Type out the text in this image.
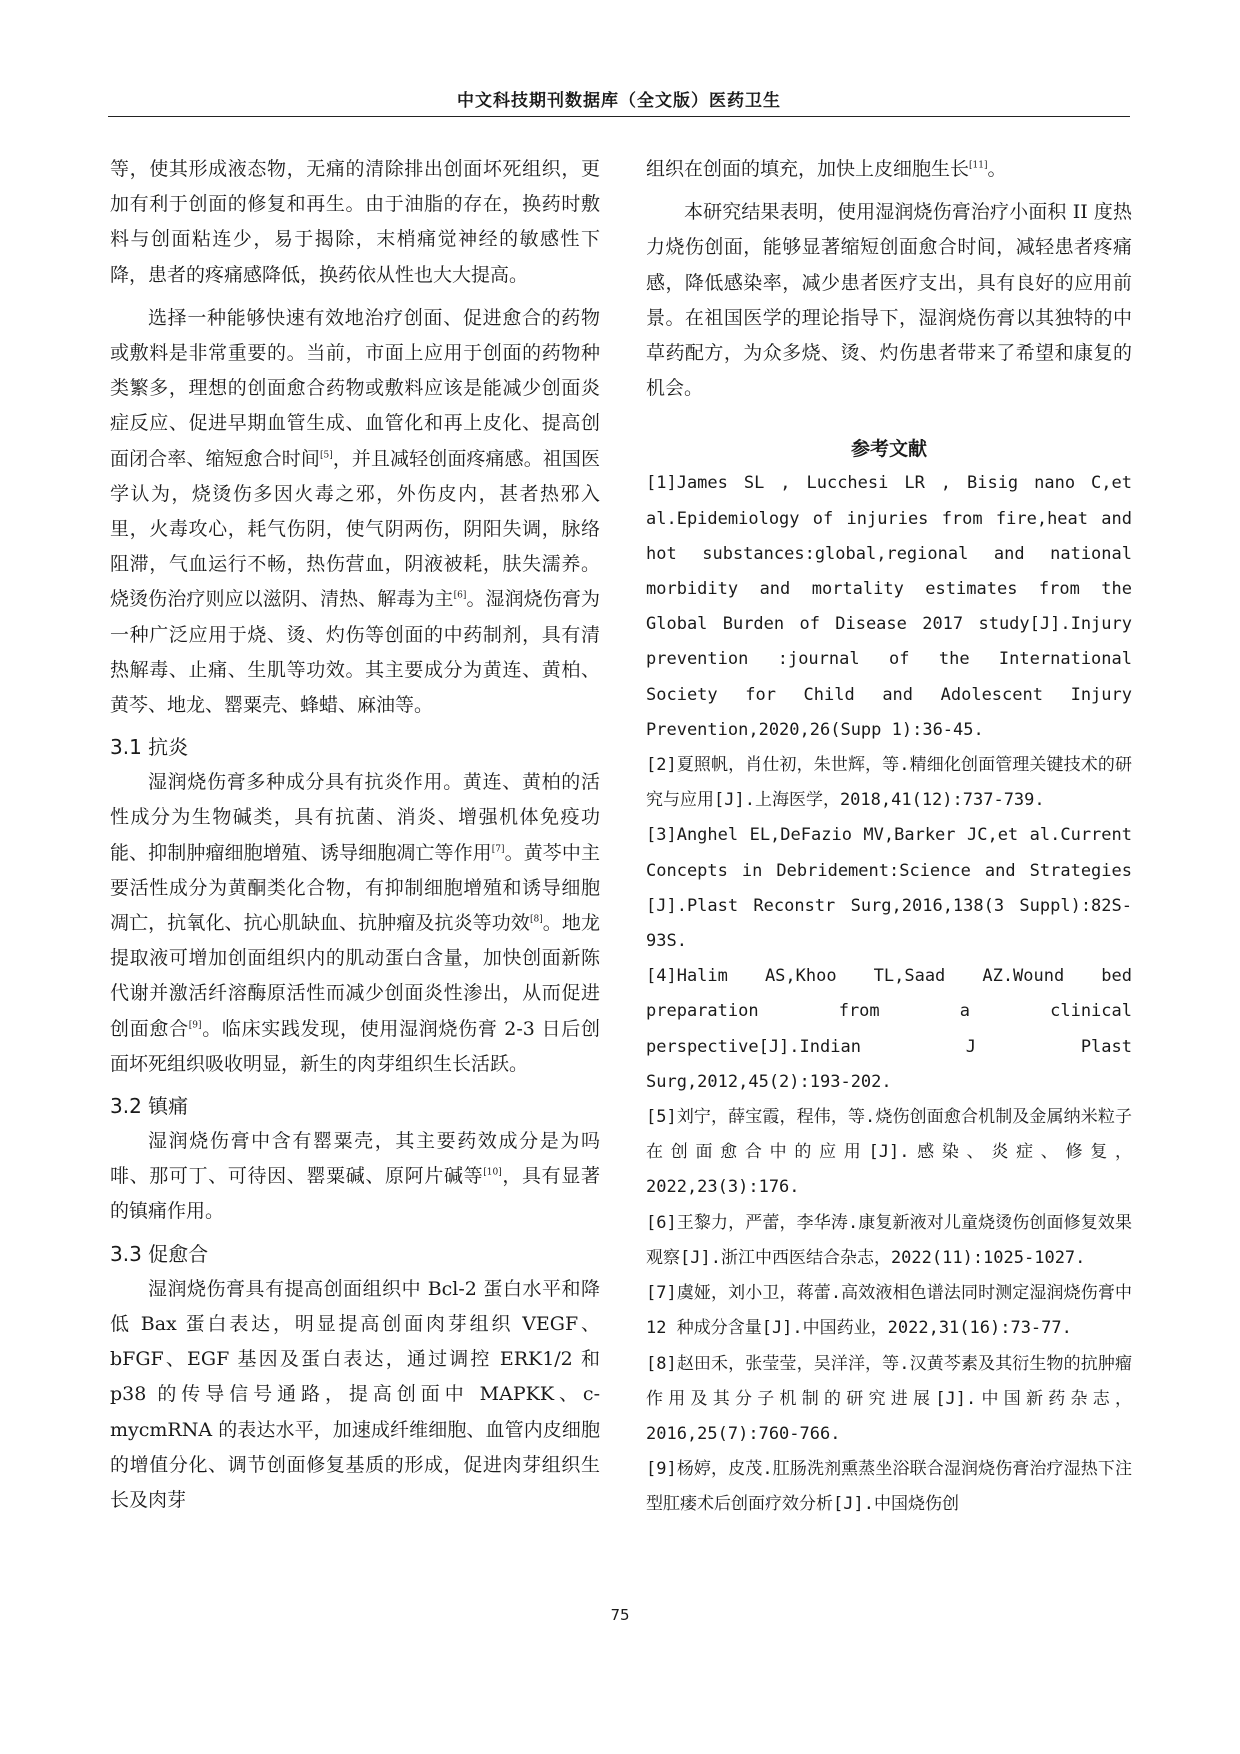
中文科技期刊数据库（全文版）医药卫生

等，使其形成液态物，无痛的清除排出创面坏死组织，更加有利于创面的修复和再生。由于油脂的存在，换药时敷料与创面粘连少，易于揭除，末梢痛觉神经的敏感性下降，患者的疼痛感降低，换药依从性也大大提高。

选择一种能够快速有效地治疗创面、促进愈合的药物或敷料是非常重要的。当前，市面上应用于创面的药物种类繁多，理想的创面愈合药物或敷料应该是能减少创面炎症反应、促进早期血管生成、血管化和再上皮化、提高创面闭合率、缩短愈合时间[5]，并且减轻创面疼痛感。祖国医学认为，烧烫伤多因火毒之邪，外伤皮内，甚者热邪入里，火毒攻心，耗气伤阴，使气阴两伤，阴阳失调，脉络阻滞，气血运行不畅，热伤营血，阴液被耗，肤失濡养。烧烫伤治疗则应以滋阴、清热、解毒为主[6]。湿润烧伤膏为一种广泛应用于烧、烫、灼伤等创面的中药制剂，具有清热解毒、止痛、生肌等功效。其主要成分为黄连、黄柏、黄芩、地龙、罂粟壳、蜂蜡、麻油等。

3.1 抗炎

湿润烧伤膏多种成分具有抗炎作用。黄连、黄柏的活性成分为生物碱类，具有抗菌、消炎、增强机体免疫功能、抑制肿瘤细胞增殖、诱导细胞凋亡等作用[7]。黄芩中主要活性成分为黄酮类化合物，有抑制细胞增殖和诱导细胞凋亡，抗氧化、抗心肌缺血、抗肿瘤及抗炎等功效[8]。地龙提取液可增加创面组织内的肌动蛋白含量，加快创面新陈代谢并激活纤溶酶原活性而减少创面炎性渗出，从而促进创面愈合[9]。临床实践发现，使用湿润烧伤膏 2-3 日后创面坏死组织吸收明显，新生的肉芽组织生长活跃。

3.2 镇痛

湿润烧伤膏中含有罂粟壳，其主要药效成分是为吗啡、那可丁、可待因、罂粟碱、原阿片碱等[10]，具有显著的镇痛作用。

3.3 促愈合

湿润烧伤膏具有提高创面组织中 Bcl-2 蛋白水平和降低 Bax 蛋白表达，明显提高创面肉芽组织 VEGF、bFGF、EGF 基因及蛋白表达，通过调控 ERK1/2 和 p38 的传导信号通路，提高创面中 MAPKK、c-mycmRNA 的表达水平，加速成纤维细胞、血管内皮细胞的增值分化、调节创面修复基质的形成，促进肉芽组织生长及肉芽

组织在创面的填充，加快上皮细胞生长[11]。

本研究结果表明，使用湿润烧伤膏治疗小面积 II 度热力烧伤创面，能够显著缩短创面愈合时间，减轻患者疼痛感，降低感染率，减少患者医疗支出，具有良好的应用前景。在祖国医学的理论指导下，湿润烧伤膏以其独特的中草药配方，为众多烧、烫、灼伤患者带来了希望和康复的机会。

参考文献

[1]James SL , Lucchesi LR , Bisig nano C,et al.Epidemiology of injuries from fire,heat and hot substances:global,regional and national morbidity and mortality estimates from the Global Burden of Disease 2017 study[J].Injury prevention :journal of the International Society for Child and Adolescent Injury Prevention,2020,26(Supp 1):36-45.

[2]夏照帆，肖仕初，朱世辉，等.精细化创面管理关键技术的研究与应用[J].上海医学，2018,41(12):737-739.

[3]Anghel EL,DeFazio MV,Barker JC,et al.Current Concepts in Debridement:Science and Strategies [J].Plast Reconstr Surg,2016,138(3 Suppl):82S-93S.

[4]Halim AS,Khoo TL,Saad AZ.Wound bed preparation from a clinical perspective[J].Indian J Plast Surg,2012,45(2):193-202.

[5]刘宁，薛宝霞，程伟，等.烧伤创面愈合机制及金属纳米粒子在创面愈合中的应用[J].感染、炎症、修复，2022,23(3):176.

[6]王黎力，严蕾，李华涛.康复新液对儿童烧烫伤创面修复效果观察[J].浙江中西医结合杂志，2022(11):1025-1027.

[7]虞娅，刘小卫，蒋蕾.高效液相色谱法同时测定湿润烧伤膏中 12 种成分含量[J].中国药业，2022,31(16):73-77.

[8]赵田禾，张莹莹，吴洋洋，等.汉黄芩素及其衍生物的抗肿瘤作用及其分子机制的研究进展[J].中国新药杂志，2016,25(7):760-766.

[9]杨婷，皮茂.肛肠洗剂熏蒸坐浴联合湿润烧伤膏治疗湿热下注型肛瘘术后创面疗效分析[J].中国烧伤创

75
